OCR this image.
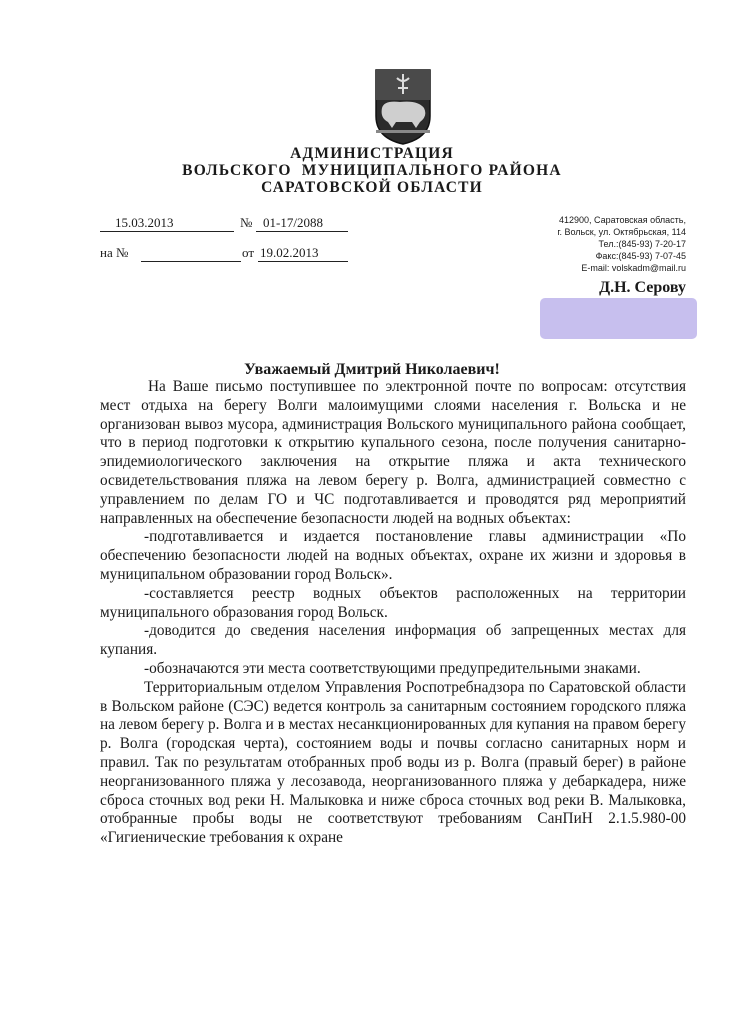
АДМИНИСТРАЦИЯ
ВОЛЬСКОГО  МУНИЦИПАЛЬНОГО РАЙОНА
САРАТОВСКОЙ ОБЛАСТИ
15.03.2013	№ 01-17/2088
на №	от 19.02.2013
412900, Саратовская область,
г. Вольск, ул. Октябрьская, 114
Тел.:(845-93) 7-20-17
Факс:(845-93) 7-07-45
E-mail: volskadm@mail.ru
Д.Н. Серову
Уважаемый Дмитрий Николаевич!

На Ваше письмо поступившее по электронной почте по вопросам: отсутствия мест отдыха на берегу Волги малоимущими слоями населения г. Вольска и не организован вывоз мусора, администрация Вольского муниципального района сообщает, что в период подготовки к открытию купального сезона, после получения санитарно-эпидемиологического заключения на открытие пляжа и акта технического освидетельствования пляжа на левом берегу р. Волга, администрацией совместно с управлением по делам ГО и ЧС подготавливается и проводятся ряд мероприятий направленных на обеспечение безопасности людей на водных объектах:

-подготавливается и издается постановление главы администрации «По обеспечению безопасности людей на водных объектах, охране их жизни и здоровья в муниципальном образовании город Вольск».

-составляется реестр водных объектов расположенных на территории муниципального образования город Вольск.

-доводится до сведения населения информация об запрещенных местах для купания.

-обозначаются эти места соответствующими предупредительными знаками.

Территориальным отделом Управления Роспотребнадзора по Саратовской области в Вольском районе (СЭС) ведется контроль за санитарным состоянием городского пляжа на левом берегу р. Волга и в местах несанкционированных для купания на правом берегу р. Волга (городская черта), состоянием воды и почвы согласно санитарных норм и правил. Так по результатам отобранных проб воды из р. Волга (правый берег) в районе неорганизованного пляжа у лесозавода, неорганизованного пляжа у дебаркадера, ниже сброса сточных вод реки Н. Малыковка и ниже сброса сточных вод реки В. Малыковка, отобранные пробы воды не соответствуют требованиям СанПиН 2.1.5.980-00 «Гигиенические требования к охране
